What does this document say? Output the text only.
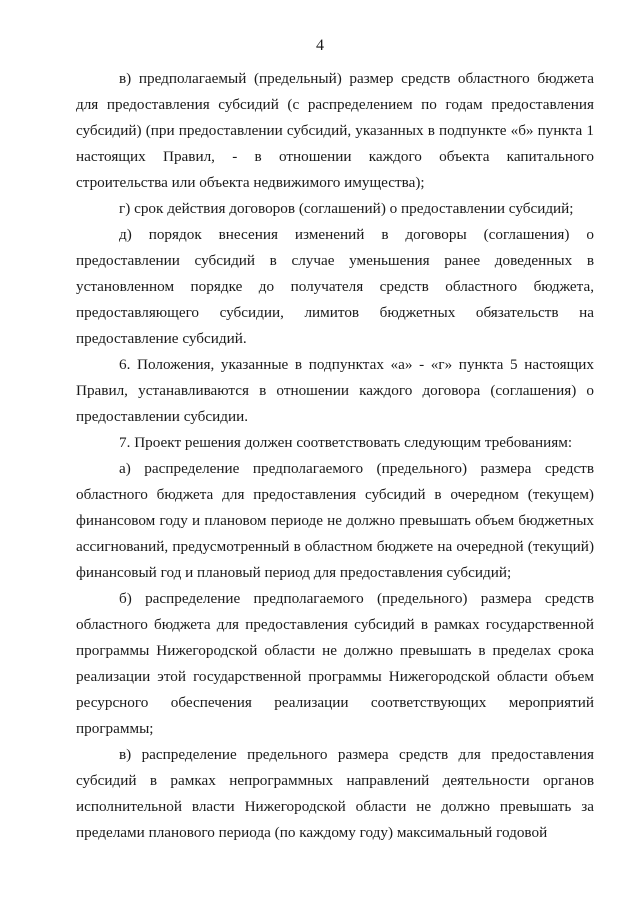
4

в) предполагаемый (предельный) размер средств областного бюджета для предоставления субсидий (с распределением по годам предоставления субсидий) (при предоставлении субсидий, указанных в подпункте «б» пункта 1 настоящих Правил, - в отношении каждого объекта капитального строительства или объекта недвижимого имущества);

г) срок действия договоров (соглашений) о предоставлении субсидий;

д) порядок внесения изменений в договоры (соглашения) о предоставлении субсидий в случае уменьшения ранее доведенных в установленном порядке до получателя средств областного бюджета, предоставляющего субсидии, лимитов бюджетных обязательств на предоставление субсидий.

6. Положения, указанные в подпунктах «а» - «г» пункта 5 настоящих Правил, устанавливаются в отношении каждого договора (соглашения) о предоставлении субсидии.

7. Проект решения должен соответствовать следующим требованиям:

а) распределение предполагаемого (предельного) размера средств областного бюджета для предоставления субсидий в очередном (текущем) финансовом году и плановом периоде не должно превышать объем бюджетных ассигнований, предусмотренный в областном бюджете на очередной (текущий) финансовый год и плановый период для предоставления субсидий;

б) распределение предполагаемого (предельного) размера средств областного бюджета для предоставления субсидий в рамках государственной программы Нижегородской области не должно превышать в пределах срока реализации этой государственной программы Нижегородской области объем ресурсного обеспечения реализации соответствующих мероприятий программы;

в) распределение предельного размера средств для предоставления субсидий в рамках непрограммных направлений деятельности органов исполнительной власти Нижегородской области не должно превышать за пределами планового периода (по каждому году) максимальный годовой
